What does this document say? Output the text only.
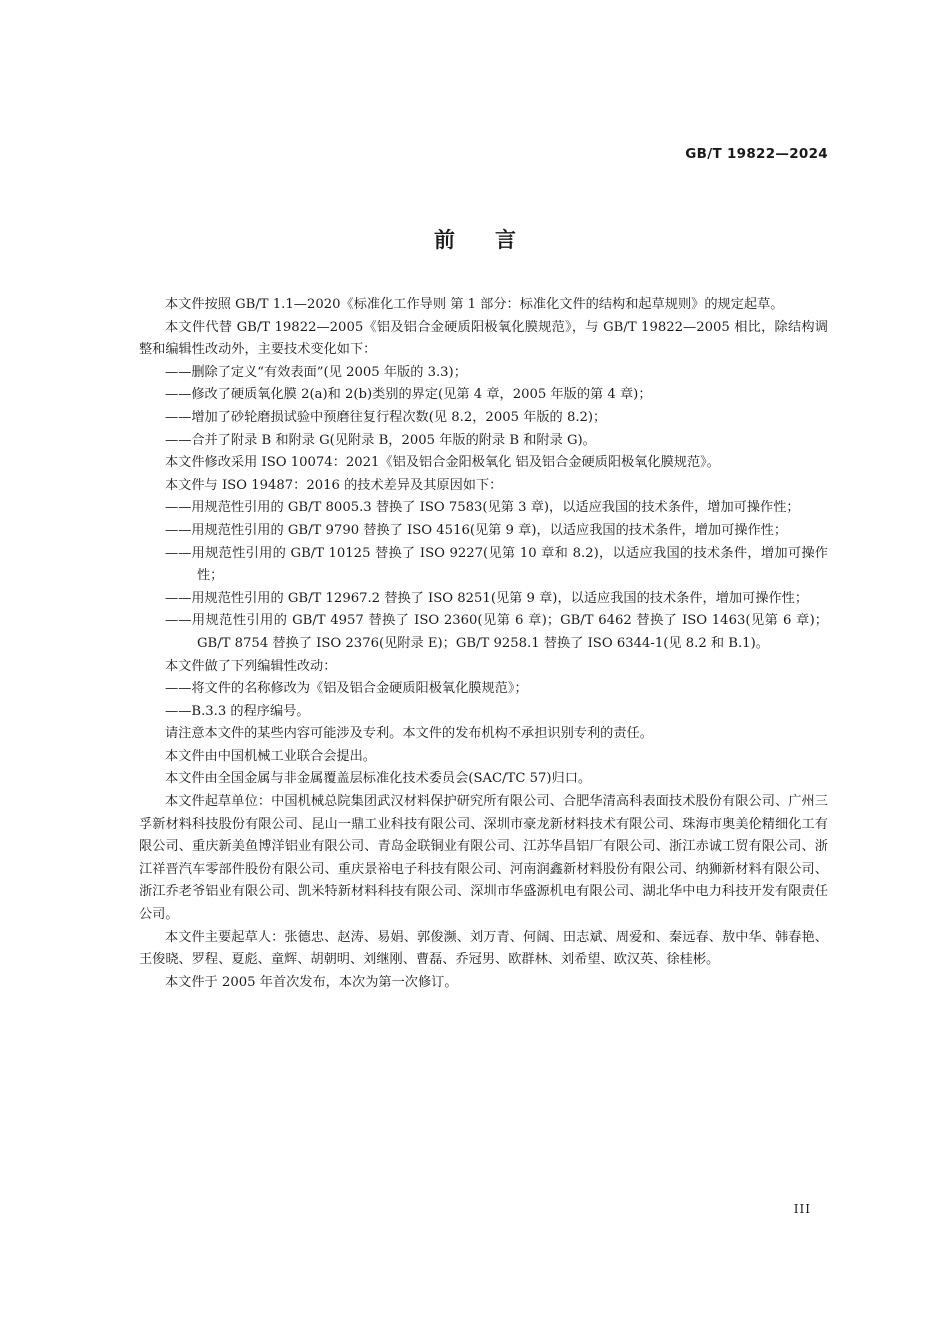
GB/T 19822—2024
前言

本文件按照 GB/T 1.1—2020《标准化工作导则 第 1 部分：标准化文件的结构和起草规则》的规定起草。

本文件代替 GB/T 19822—2005《铝及铝合金硬质阳极氧化膜规范》，与 GB/T 19822—2005 相比，除结构调整和编辑性改动外，主要技术变化如下：

——删除了定义“有效表面”(见 2005 年版的 3.3)；

——修改了硬质氧化膜 2(a)和 2(b)类别的界定(见第 4 章，2005 年版的第 4 章)；

——增加了砂轮磨损试验中预磨往复行程次数(见 8.2，2005 年版的 8.2)；

——合并了附录 B 和附录 G(见附录 B，2005 年版的附录 B 和附录 G)。

本文件修改采用 ISO 10074：2021《铝及铝合金阳极氧化 铝及铝合金硬质阳极氧化膜规范》。

本文件与 ISO 19487：2016 的技术差异及其原因如下：

——用规范性引用的 GB/T 8005.3 替换了 ISO 7583(见第 3 章)，以适应我国的技术条件，增加可操作性；

——用规范性引用的 GB/T 9790 替换了 ISO 4516(见第 9 章)，以适应我国的技术条件，增加可操作性；

——用规范性引用的 GB/T 10125 替换了 ISO 9227(见第 10 章和 8.2)，以适应我国的技术条件，增加可操作性；

——用规范性引用的 GB/T 12967.2 替换了 ISO 8251(见第 9 章)，以适应我国的技术条件，增加可操作性；

——用规范性引用的 GB/T 4957 替换了 ISO 2360(见第 6 章)；GB/T 6462 替换了 ISO 1463(见第 6 章)；GB/T 8754 替换了 ISO 2376(见附录 E)；GB/T 9258.1 替换了 ISO 6344-1(见 8.2 和 B.1)。

本文件做了下列编辑性改动：

——将文件的名称修改为《铝及铝合金硬质阳极氧化膜规范》；

——B.3.3 的程序编号。

请注意本文件的某些内容可能涉及专利。本文件的发布机构不承担识别专利的责任。

本文件由中国机械工业联合会提出。

本文件由全国金属与非金属覆盖层标准化技术委员会(SAC/TC 57)归口。

本文件起草单位：中国机械总院集团武汉材料保护研究所有限公司、合肥华清高科表面技术股份有限公司、广州三孚新材料科技股份有限公司、昆山一鼎工业科技有限公司、深圳市豪龙新材料技术有限公司、珠海市奥美伦精细化工有限公司、重庆新美鱼博洋铝业有限公司、青岛金联铜业有限公司、江苏华昌铝厂有限公司、浙江赤诚工贸有限公司、浙江祥晋汽车零部件股份有限公司、重庆景裕电子科技有限公司、河南润鑫新材料股份有限公司、纳狮新材料有限公司、浙江乔老爷铝业有限公司、凯米特新材料科技有限公司、深圳市华盛源机电有限公司、湖北华中电力科技开发有限责任公司。

本文件主要起草人：张德忠、赵涛、易娟、郭俊濒、刘万青、何阔、田志斌、周爱和、秦远春、敖中华、韩春艳、王俊晓、罗程、夏彪、童辉、胡朝明、刘继刚、曹磊、乔冠男、欧群林、刘希望、欧汉英、徐桂彬。

本文件于 2005 年首次发布，本次为第一次修订。

III
